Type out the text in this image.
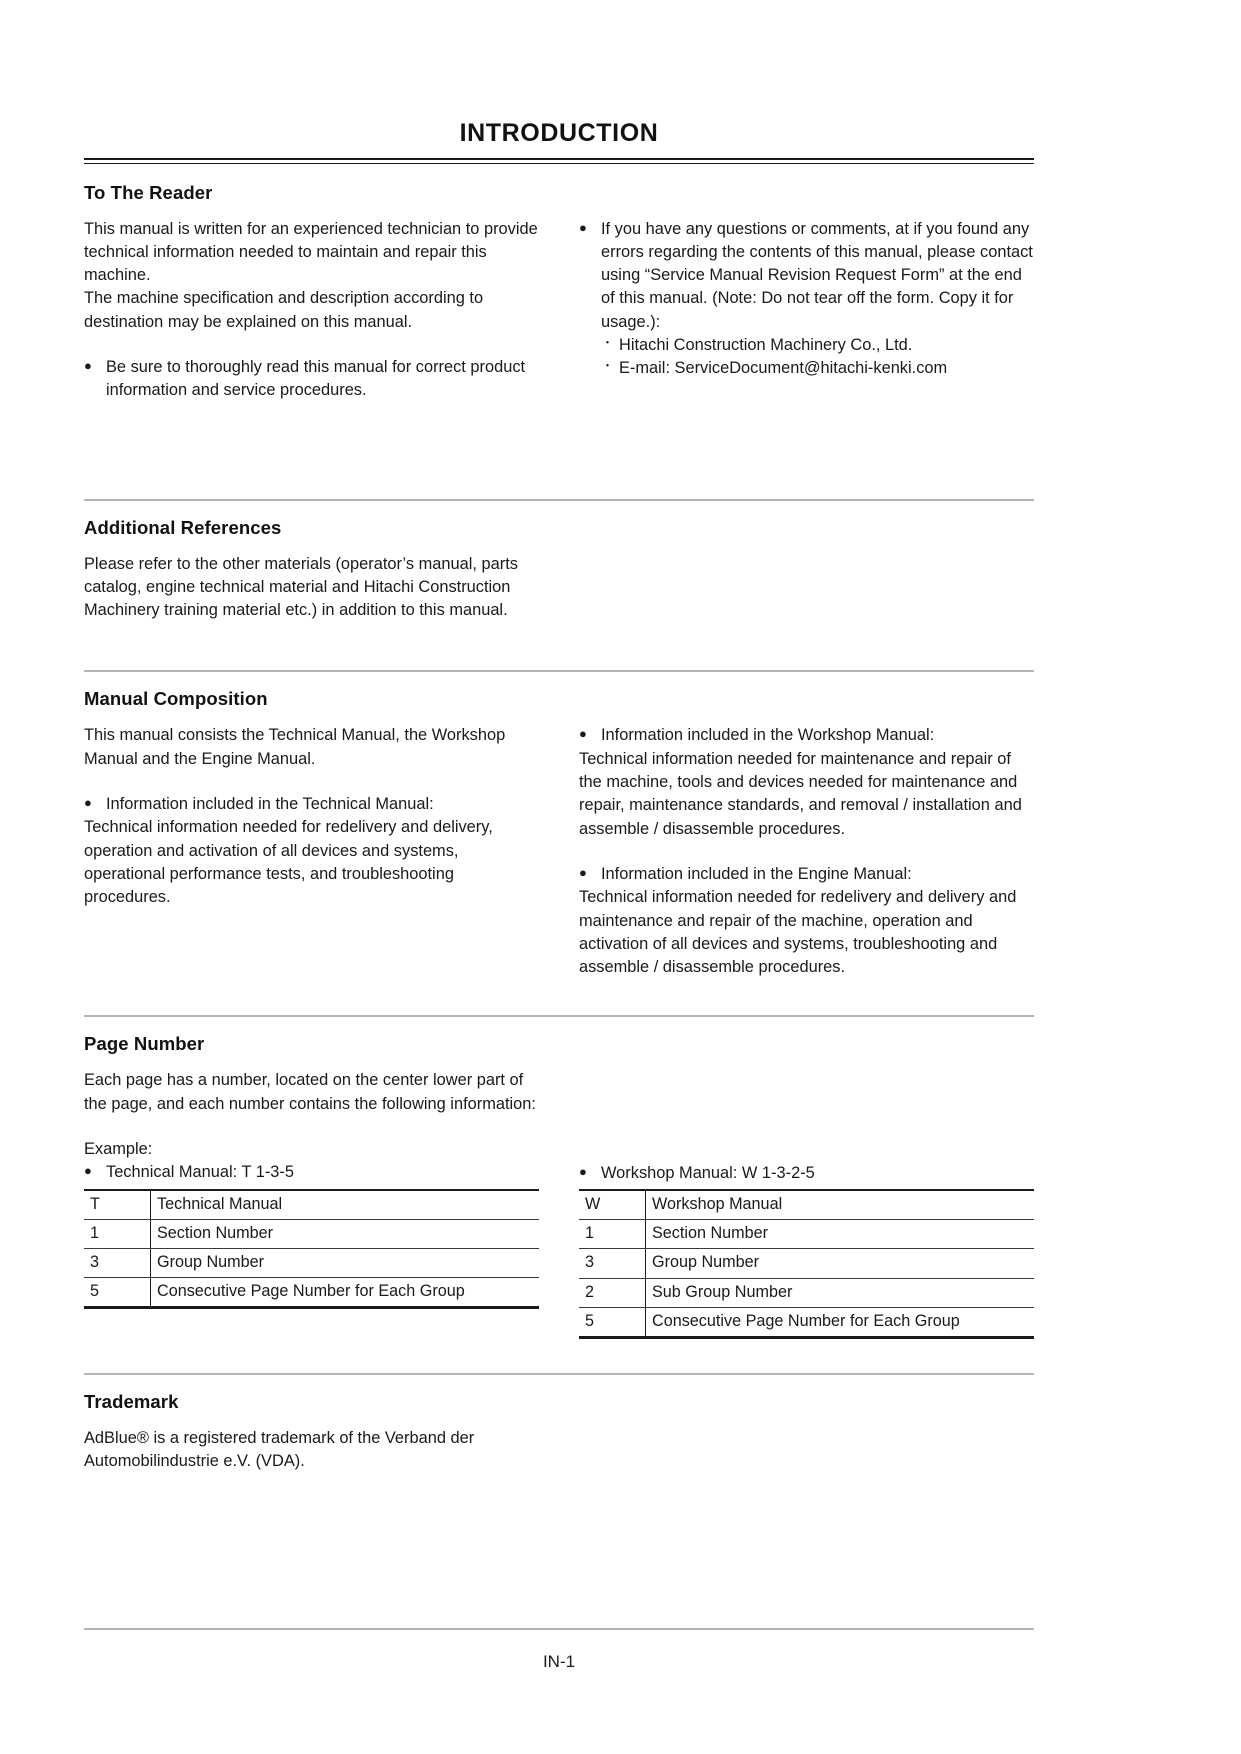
INTRODUCTION
To The Reader

This manual is written for an experienced technician to provide technical information needed to maintain and repair this machine.

The machine specification and description according to destination may be explained on this manual.

● Be sure to thoroughly read this manual for correct product information and service procedures.
● If you have any questions or comments, at if you found any errors regarding the contents of this manual, please contact using “Service Manual Revision Request Form” at the end of this manual. (Note: Do not tear off the form. Copy it for usage.):
・ Hitachi Construction Machinery Co., Ltd.
・ E-mail: ServiceDocument@hitachi-kenki.com
Additional References

Please refer to the other materials (operator’s manual, parts catalog, engine technical material and Hitachi Construction Machinery training material etc.) in addition to this manual.

Manual Composition

This manual consists the Technical Manual, the Workshop Manual and the Engine Manual.

● Information included in the Technical Manual:

Technical information needed for redelivery and delivery, operation and activation of all devices and systems, operational performance tests, and troubleshooting procedures.

● Information included in the Workshop Manual:

Technical information needed for maintenance and repair of the machine, tools and devices needed for maintenance and repair, maintenance standards, and removal / installation and assemble / disassemble procedures.

● Information included in the Engine Manual:

Technical information needed for redelivery and delivery and maintenance and repair of the machine, operation and activation of all devices and systems, troubleshooting and assemble / disassemble procedures.

Page Number

Each page has a number, located on the center lower part of the page, and each number contains the following information:

Example:

● Technical Manual: T 1-3-5
T	Technical Manual
1	Section Number
3	Group Number
5	Consecutive Page Number for Each Group
● Workshop Manual: W 1-3-2-5
W	Workshop Manual
1	Section Number
3	Group Number
2	Sub Group Number
5	Consecutive Page Number for Each Group
Trademark

AdBlue® is a registered trademark of the Verband der Automobilindustrie e.V. (VDA).

IN-1
